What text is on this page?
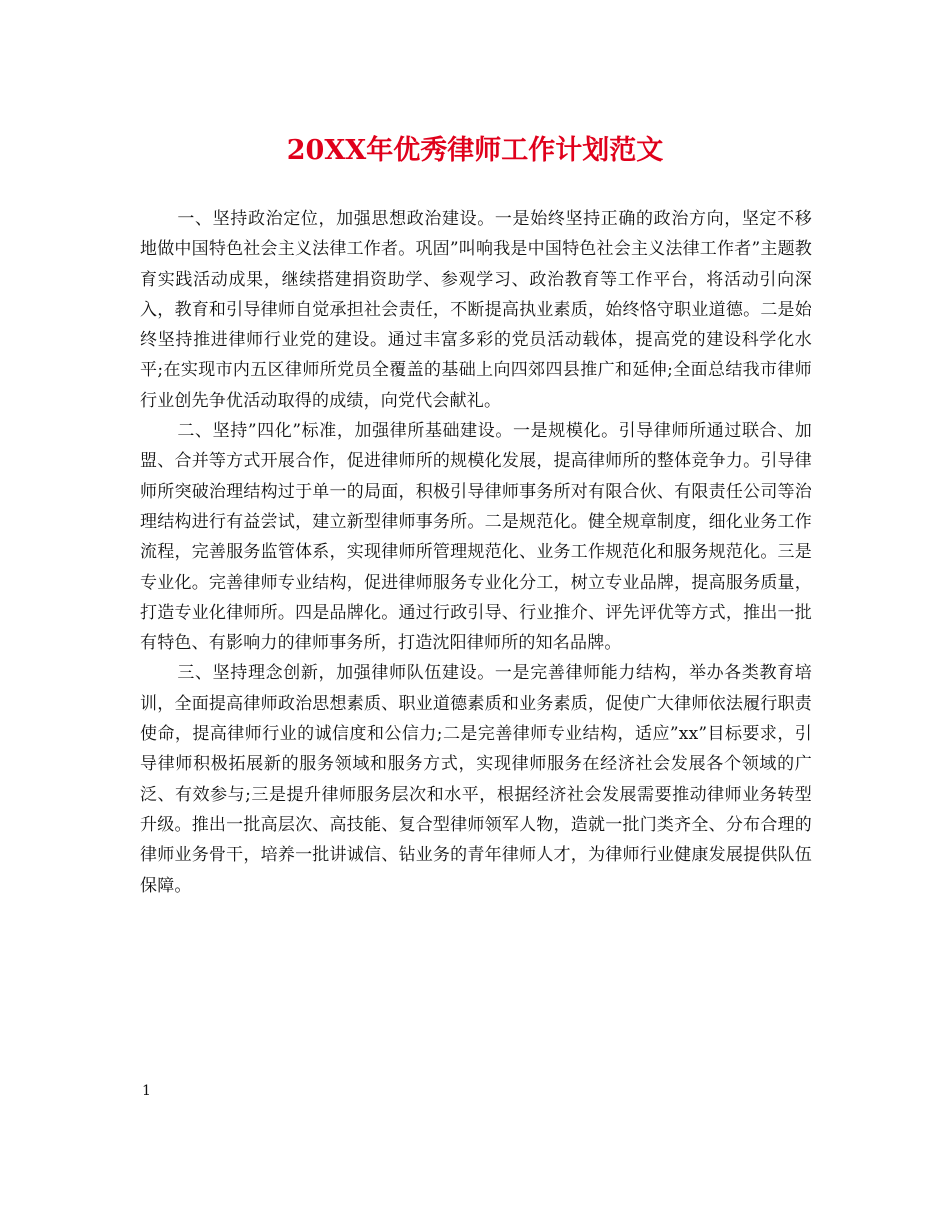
20XX年优秀律师工作计划范文

一、坚持政治定位，加强思想政治建设。一是始终坚持正确的政治方向，坚定不移地做中国特色社会主义法律工作者。巩固”叫响我是中国特色社会主义法律工作者”主题教育实践活动成果，继续搭建捐资助学、参观学习、政治教育等工作平台，将活动引向深入，教育和引导律师自觉承担社会责任，不断提高执业素质，始终恪守职业道德。二是始终坚持推进律师行业党的建设。通过丰富多彩的党员活动载体，提高党的建设科学化水平;在实现市内五区律师所党员全覆盖的基础上向四郊四县推广和延伸;全面总结我市律师行业创先争优活动取得的成绩，向党代会献礼。

二、坚持”四化”标准，加强律所基础建设。一是规模化。引导律师所通过联合、加盟、合并等方式开展合作，促进律师所的规模化发展，提高律师所的整体竞争力。引导律师所突破治理结构过于单一的局面，积极引导律师事务所对有限合伙、有限责任公司等治理结构进行有益尝试，建立新型律师事务所。二是规范化。健全规章制度，细化业务工作流程，完善服务监管体系，实现律师所管理规范化、业务工作规范化和服务规范化。三是专业化。完善律师专业结构，促进律师服务专业化分工，树立专业品牌，提高服务质量，打造专业化律师所。四是品牌化。通过行政引导、行业推介、评先评优等方式，推出一批有特色、有影响力的律师事务所，打造沈阳律师所的知名品牌。

三、坚持理念创新，加强律师队伍建设。一是完善律师能力结构，举办各类教育培训，全面提高律师政治思想素质、职业道德素质和业务素质，促使广大律师依法履行职责使命，提高律师行业的诚信度和公信力;二是完善律师专业结构，适应”xx”目标要求，引导律师积极拓展新的服务领域和服务方式，实现律师服务在经济社会发展各个领域的广泛、有效参与;三是提升律师服务层次和水平，根据经济社会发展需要推动律师业务转型升级。推出一批高层次、高技能、复合型律师领军人物，造就一批门类齐全、分布合理的律师业务骨干，培养一批讲诚信、钻业务的青年律师人才，为律师行业健康发展提供队伍保障。

1
